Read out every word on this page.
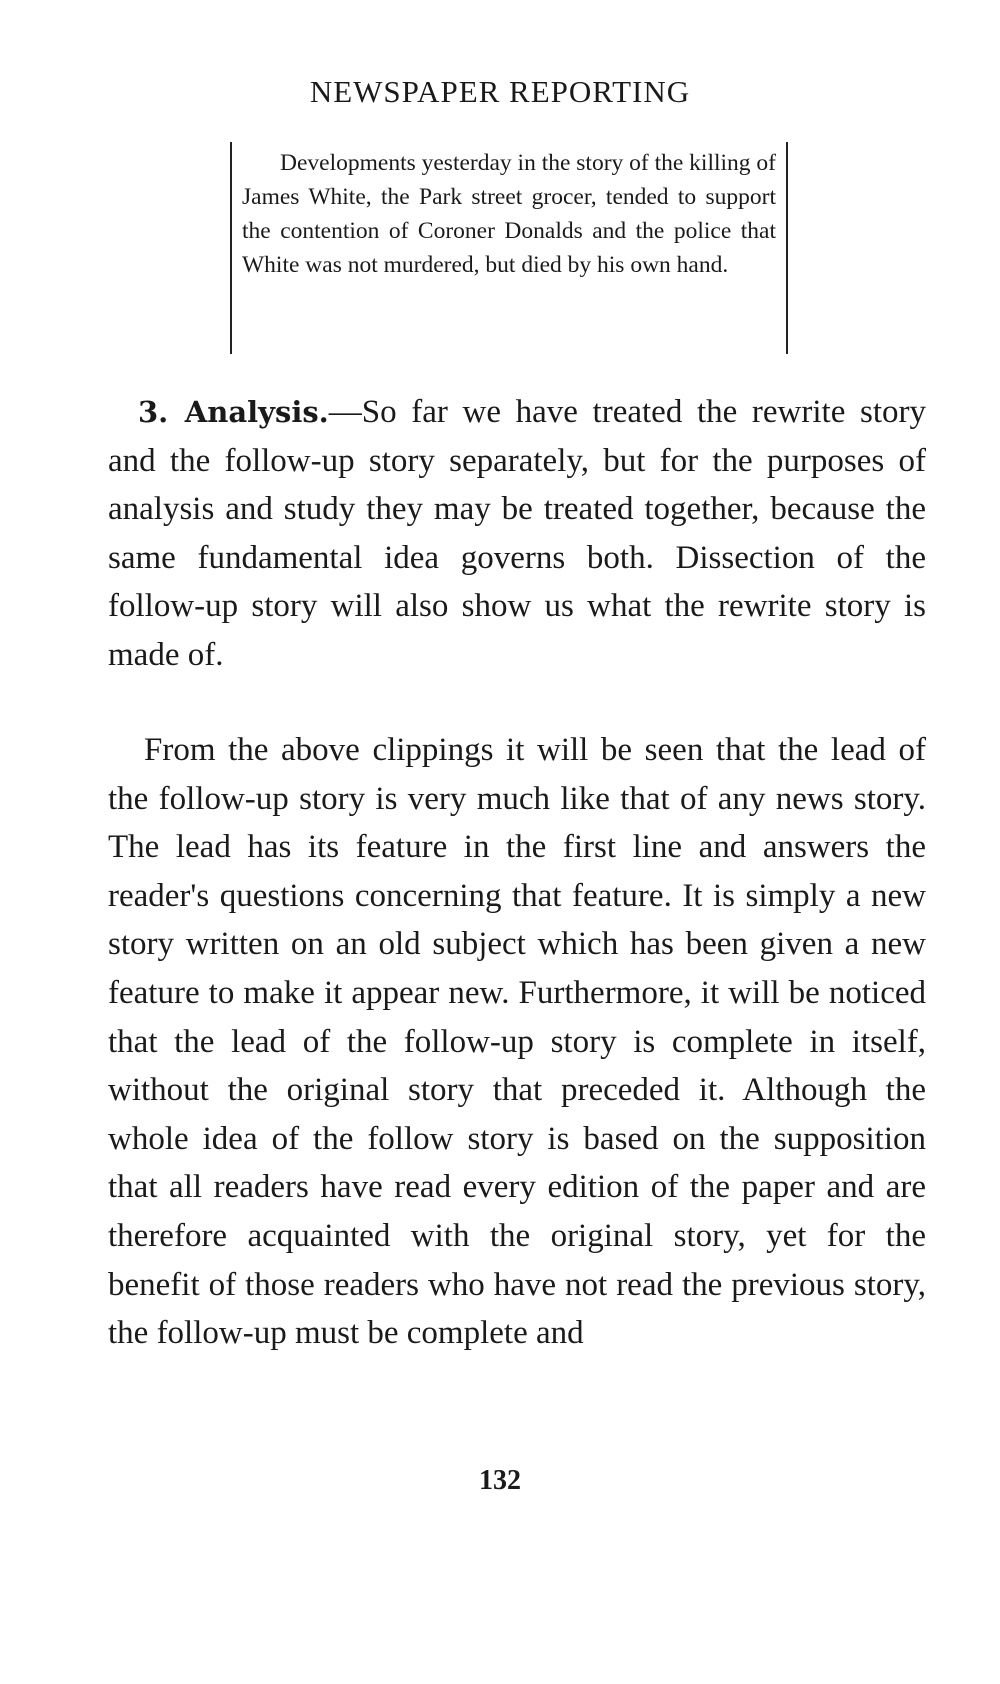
NEWSPAPER REPORTING
Developments yesterday in the story of the killing of James White, the Park street grocer, tended to support the contention of Coroner Donalds and the police that White was not murdered, but died by his own hand.

3. Analysis.—So far we have treated the rewrite story and the follow-up story separately, but for the purposes of analysis and study they may be treated together, because the same fundamental idea governs both. Dissection of the follow-up story will also show us what the rewrite story is made of.

From the above clippings it will be seen that the lead of the follow-up story is very much like that of any news story. The lead has its feature in the first line and answers the reader's questions concerning that feature. It is simply a new story written on an old subject which has been given a new feature to make it appear new. Furthermore, it will be noticed that the lead of the follow-up story is complete in itself, without the original story that preceded it. Although the whole idea of the follow story is based on the supposition that all readers have read every edition of the paper and are therefore acquainted with the original story, yet for the benefit of those readers who have not read the previous story, the follow-up must be complete and

132
